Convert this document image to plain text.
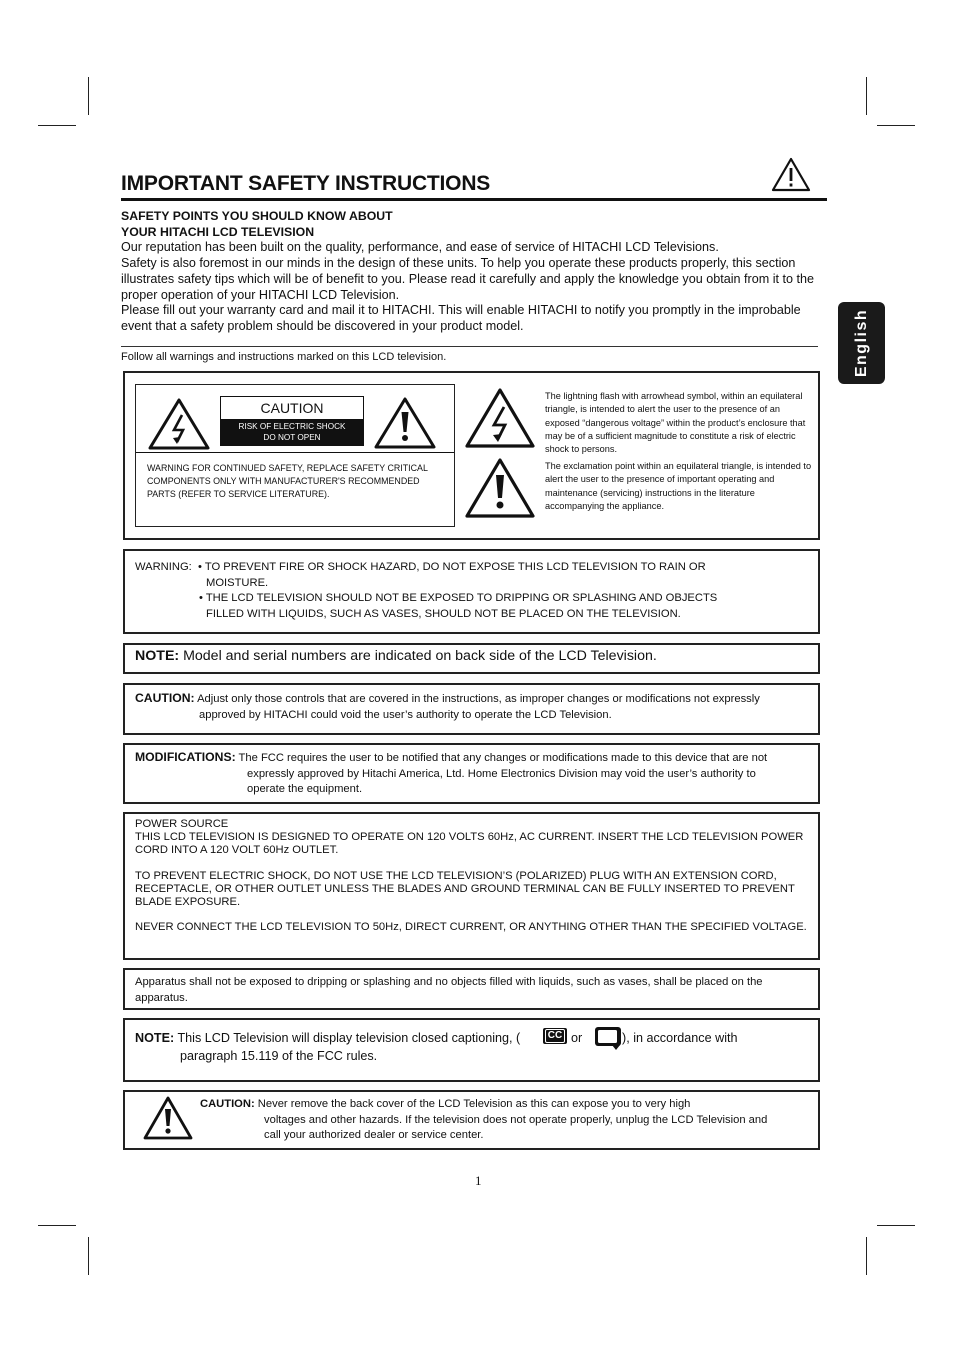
IMPORTANT SAFETY INSTRUCTIONS
English
SAFETY POINTS YOU SHOULD KNOW ABOUT
YOUR HITACHI LCD TELEVISION
Our reputation has been built on the quality, performance, and ease of service of HITACHI LCD Televisions.
Safety is also foremost in our minds in the design of these units. To help you operate these products properly, this section illustrates safety tips which will be of benefit to you. Please read it carefully and apply the knowledge you obtain from it to the proper operation of your HITACHI LCD Television.
Please fill out your warranty card and mail it to HITACHI. This will enable HITACHI to notify you promptly in the improbable event that a safety problem should be discovered in your product model.
Follow all warnings and instructions marked on this LCD television.
CAUTION
RISK OF ELECTRIC SHOCK
DO NOT OPEN
WARNING FOR CONTINUED SAFETY, REPLACE SAFETY CRITICAL COMPONENTS ONLY WITH MANUFACTURER'S RECOMMENDED PARTS (REFER TO SERVICE LITERATURE).
The lightning flash with arrowhead symbol, within an equilateral triangle, is intended to alert the user to the presence of an exposed “dangerous voltage” within the product’s enclosure that may be of a sufficient magnitude to constitute a risk of electric shock to persons.
The exclamation point within an equilateral triangle, is intended to alert the user to the presence of important operating and maintenance (servicing) instructions in the literature accompanying the appliance.
WARNING: • TO PREVENT FIRE OR SHOCK HAZARD, DO NOT EXPOSE THIS LCD TELEVISION TO RAIN OR
MOISTURE.
• THE LCD TELEVISION SHOULD NOT BE EXPOSED TO DRIPPING OR SPLASHING AND OBJECTS
FILLED WITH LIQUIDS, SUCH AS VASES, SHOULD NOT BE PLACED ON THE TELEVISION.
NOTE: Model and serial numbers are indicated on back side of the LCD Television.
CAUTION: Adjust only those controls that are covered in the instructions, as improper changes or modifications not expressly
approved by HITACHI could void the user’s authority to operate the LCD Television.
MODIFICATIONS: The FCC requires the user to be notified that any changes or modifications made to this device that are not
expressly approved by Hitachi America, Ltd. Home Electronics Division may void the user’s authority to
operate the equipment.
POWER SOURCE
THIS LCD TELEVISION IS DESIGNED TO OPERATE ON 120 VOLTS 60Hz, AC CURRENT. INSERT THE LCD TELEVISION POWER CORD INTO A 120 VOLT 60Hz OUTLET.
TO PREVENT ELECTRIC SHOCK, DO NOT USE THE LCD TELEVISION’S (POLARIZED) PLUG WITH AN EXTENSION CORD, RECEPTACLE, OR OTHER OUTLET UNLESS THE BLADES AND GROUND TERMINAL CAN BE FULLY INSERTED TO PREVENT BLADE EXPOSURE.
NEVER CONNECT THE LCD TELEVISION TO 50Hz, DIRECT CURRENT, OR ANYTHING OTHER THAN THE SPECIFIED VOLTAGE.
Apparatus shall not be exposed to dripping or splashing and no objects filled with liquids, such as vases, shall be placed on the apparatus.
NOTE: This LCD Television will display television closed captioning, (	CC or	), in accordance with
paragraph 15.119 of the FCC rules.
CAUTION: Never remove the back cover of the LCD Television as this can expose you to very high
voltages and other hazards. If the television does not operate properly, unplug the LCD Television and
call your authorized dealer or service center.
1
